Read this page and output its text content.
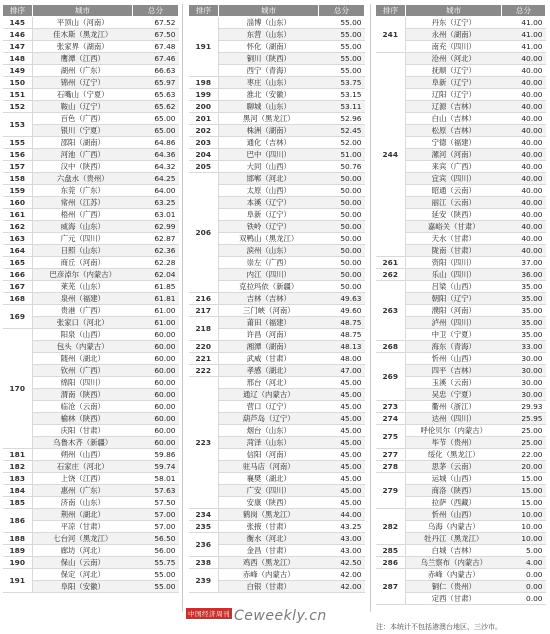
排序	城市	总分
145	平顶山（河南）	67.52
146	佳木斯（黑龙江）	67.50
147	张家界（湖南）	67.48
148	鹰潭（江西）	67.46
149	湖州（广东）	66.63
150	锦州（辽宁）	65.97
151	石嘴山（宁夏）	65.63
152	鞍山（辽宁）	65.62
153	百色（广西）	65.00
	银川（宁夏）	65.00
155	邵阳（湖南）	64.86
156	河池（广西）	64.36
157	汉中（陕西）	64.32
158	六盘水（贵州）	64.25
159	东莞（广东）	64.00
160	常州（江苏）	63.25
161	梧州（广西）	63.01
162	威海（山东）	62.99
163	广元（四川）	62.87
164	日照（山东）	62.36
165	商丘（河南）	62.28
166	巴彦淖尔（内蒙古）	62.04
167	莱芜（山东）	61.85
168	泉州（福建）	61.81
169	贵港（广西）	61.00
	张家口（河北）	61.00
170	阳泉（山西）	60.00
	包头（内蒙古）	60.00
	随州（湖北）	60.00
	钦州（广西）	60.00
	绵阳（四川）	60.00
	渭南（陕西）	60.00
	临沧（云南）	60.00
	榆林（陕西）	60.00
	庆阳（甘肃）	60.00
	乌鲁木齐（新疆）	60.00
181	朔州（山西）	59.86
182	石家庄（河北）	59.74
183	上饶（江西）	58.01
184	惠州（广东）	57.63
185	济南（山东）	57.50
186	荆州（湖北）	57.00
	平凉（甘肃）	57.00
188	七台河（黑龙江）	56.50
189	廊坊（河北）	56.00
190	保山（云南）	55.75
191	保定（河北）	55.00
	阜阳（安徽）	55.00
排序	城市	总分
191	淄博（山东）	55.00
	东营（山东）	55.00
	怀化（湖南）	55.00
	铜川（陕西）	55.00
	西宁（青海）	55.00
198	枣庄（山东）	53.75
199	淮北（安徽）	53.15
200	聊城（山东）	53.11
201	黑河（黑龙江）	52.96
202	株洲（湖南）	52.45
203	通化（吉林）	52.00
204	巴中（四川）	51.00
205	大同（山西）	50.76
206	邯郸（河北）	50.00
	太原（山西）	50.00
	本溪（辽宁）	50.00
	阜新（辽宁）	50.00
	铁岭（辽宁）	50.00
	双鸭山（黑龙江）	50.00
	滨州（山东）	50.00
	崇左（广西）	50.00
	内江（四川）	50.00
	克拉玛依（新疆）	50.00
216	吉林（吉林）	49.63
217	三门峡（河南）	49.60
218	莆田（福建）	48.75
	许昌（河南）	48.75
220	湘潭（湖南）	48.13
221	武威（甘肃）	48.00
222	孝感（湖北）	47.00
223	邢台（河北）	45.00
	通辽（内蒙古）	45.00
	营口（辽宁）	45.00
	葫芦岛（辽宁）	45.00
	烟台（山东）	45.00
	菏泽（山东）	45.00
	信阳（河南）	45.00
	驻马店（河南）	45.00
	襄樊（湖北）	45.00
	广安（四川）	45.00
	安康（陕西）	45.00
234	鹤岗（黑龙江）	44.00
235	张掖（甘肃）	43.25
236	衡水（河北）	43.00
	金昌（甘肃）	43.00
238	鸡西（黑龙江）	42.50
239	赤峰（内蒙古）	42.00
	白银（甘肃）	42.00
排序	城市	总分
241	丹东（辽宁）	41.00
	永州（湖南）	41.00
	南充（四川）	41.00
244	沧州（河北）	40.00
	抚顺（辽宁）	40.00
	阜新（辽宁）	40.00
	辽阳（辽宁）	40.00
	辽源（吉林）	40.00
	白山（吉林）	40.00
	松原（吉林）	40.00
	宁德（福建）	40.00
	漯河（河南）	40.00
	来宾（广西）	40.00
	宜宾（四川）	40.00
	昭通（云南）	40.00
	丽江（云南）	40.00
	延安（陕西）	40.00
	嘉峪关（甘肃）	40.00
	天水（甘肃）	40.00
	陇南（甘肃）	40.00
261	资阳（四川）	37.00
262	乐山（四川）	36.00
263	吕梁（山西）	35.00
	朝阳（辽宁）	35.00
	濮阳（河南）	35.00
	泸州（四川）	35.00
	中卫（宁夏）	35.00
268	海东（青海）	33.00
269	忻州（山西）	30.00
	四平（吉林）	30.00
	玉溪（云南）	30.00
	吴忠（宁夏）	30.00
273	衢州（浙江）	29.93
274	达州（四川）	25.95
275	呼伦贝尔（内蒙古）	25.00
	毕节（贵州）	25.00
277	绥化（黑龙江）	22.00
278	思茅（云南）	20.00
279	运城（山西）	15.00
	商洛（陕西）	15.00
	拉萨（西藏）	15.00
282	忻州（山西）	10.00
	乌海（内蒙古）	10.00
	牡丹江（黑龙江）	10.00
285	白城（吉林）	5.00
286	乌兰察布（内蒙古）	4.00
287	赤峰（内蒙古）	0.00
	铜仁（贵州）	0.00
	定西（甘肃）	0.00
中国经济周刊 Ceweekly.cn
注：本统计不包括港澳台地区、三沙市。
